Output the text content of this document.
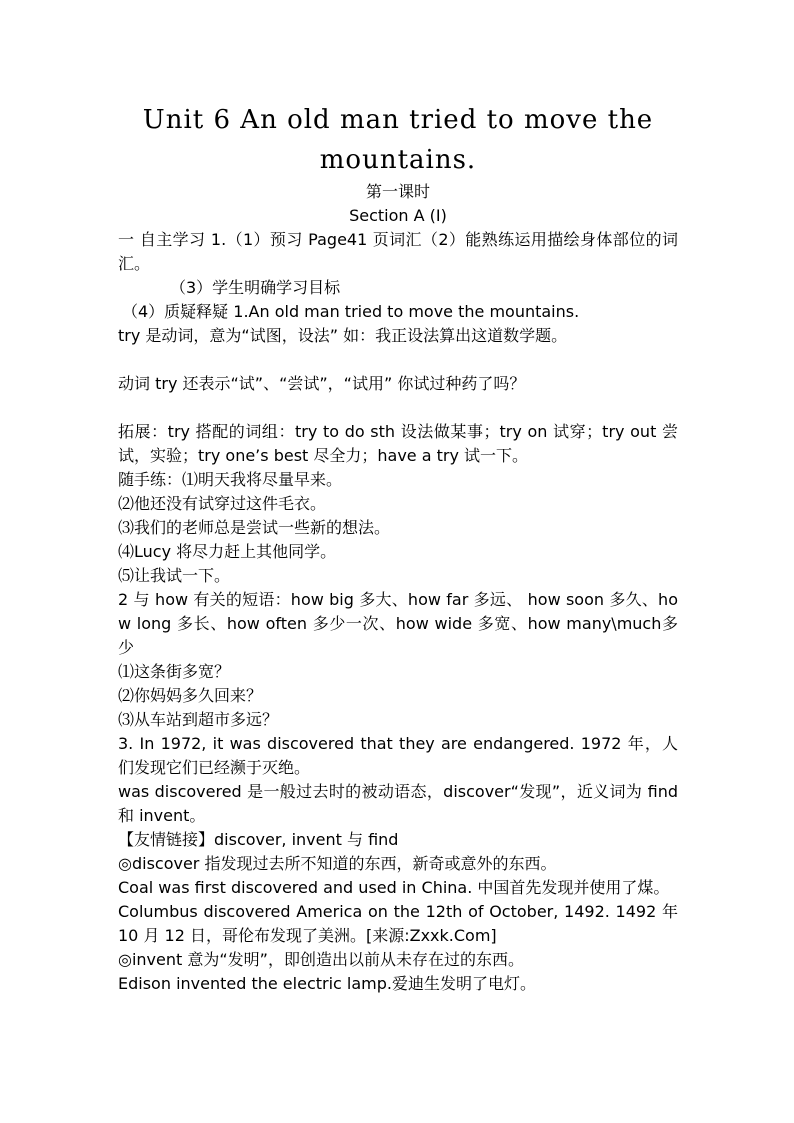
Unit 6 An old man tried to move the mountains.

第一课时

Section A (I)

一 自主学习 1.（1）预习 Page41 页词汇（2）能熟练运用描绘身体部位的词汇。

（3）学生明确学习目标

（4）质疑释疑 1.An old man tried to move the mountains.

try 是动词，意为“试图，设法” 如：我正设法算出这道数学题。

动词 try 还表示“试”、“尝试”，“试用” 你试过种药了吗？

拓展：try 搭配的词组：try to do sth 设法做某事；try on 试穿；try out 尝试，实验；try one’s best 尽全力；have a try 试一下。

随手练：⑴明天我将尽量早来。

⑵他还没有试穿过这件毛衣。

⑶我们的老师总是尝试一些新的想法。

⑷Lucy 将尽力赶上其他同学。

⑸让我试一下。

2 与 how 有关的短语：how big 多大、how far 多远、 how soon 多久、how long 多长、how often 多少一次、how wide 多宽、how many\much多少

⑴这条街多宽？

⑵你妈妈多久回来？

⑶从车站到超市多远？

3. In 1972, it was discovered that they are endangered. 1972 年，人们发现它们已经濒于灭绝。

was discovered 是一般过去时的被动语态，discover“发现”，近义词为 find 和 invent。

【友情链接】discover, invent 与 find

◎discover 指发现过去所不知道的东西，新奇或意外的东西。

Coal was first discovered and used in China. 中国首先发现并使用了煤。

Columbus discovered America on the 12th of October, 1492. 1492 年 10 月 12 日，哥伦布发现了美洲。[来源:Zxxk.Com]

◎invent 意为“发明”，即创造出以前从未存在过的东西。

Edison invented the electric lamp.爱迪生发明了电灯。
